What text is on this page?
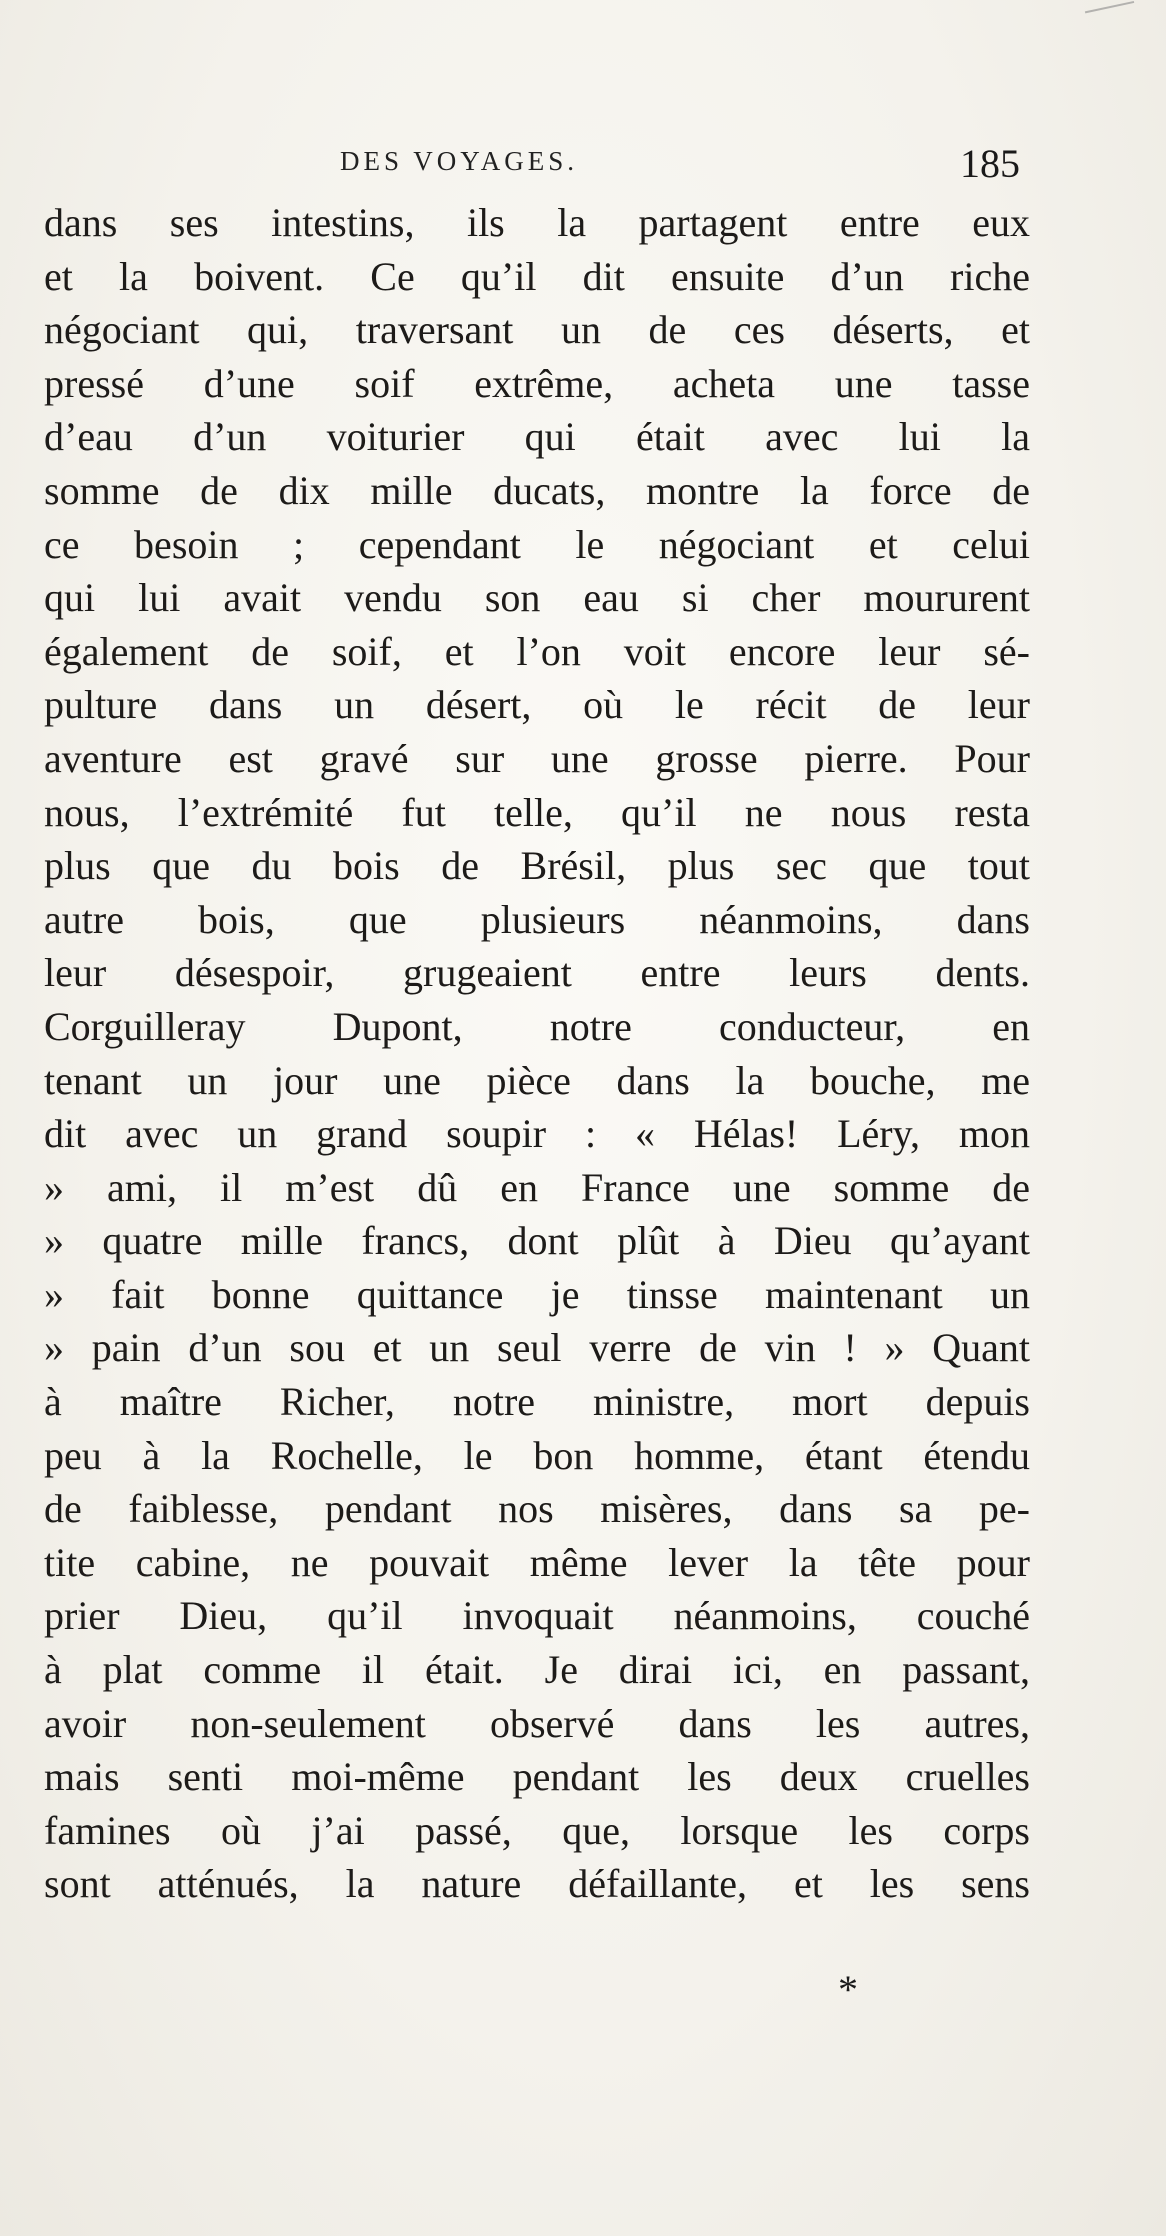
DES VOYAGES.	185
dans ses intestins, ils la partagent entre eux
et la boivent. Ce qu’il dit ensuite d’un riche
négociant qui, traversant un de ces déserts, et
pressé d’une soif extrême, acheta une tasse
d’eau d’un voiturier qui était avec lui la
somme de dix mille ducats, montre la force de
ce besoin ; cependant le négociant et celui
qui lui avait vendu son eau si cher moururent
également de soif, et l’on voit encore leur sé-
pulture dans un désert, où le récit de leur
aventure est gravé sur une grosse pierre. Pour
nous, l’extrémité fut telle, qu’il ne nous resta
plus que du bois de Brésil, plus sec que tout
autre bois, que plusieurs néanmoins, dans
leur désespoir, grugeaient entre leurs dents.
Corguilleray Dupont, notre conducteur, en
tenant un jour une pièce dans la bouche, me
dit avec un grand soupir : « Hélas! Léry, mon
» ami, il m’est dû en France une somme de
» quatre mille francs, dont plût à Dieu qu’ayant
» fait bonne quittance je tinsse maintenant un
» pain d’un sou et un seul verre de vin ! » Quant
à maître Richer, notre ministre, mort depuis
peu à la Rochelle, le bon homme, étant étendu
de faiblesse, pendant nos misères, dans sa pe-
tite cabine, ne pouvait même lever la tête pour
prier Dieu, qu’il invoquait néanmoins, couché
à plat comme il était. Je dirai ici, en passant,
avoir non-seulement observé dans les autres,
mais senti moi-même pendant les deux cruelles
famines où j’ai passé, que, lorsque les corps
sont atténués, la nature défaillante, et les sens
*
